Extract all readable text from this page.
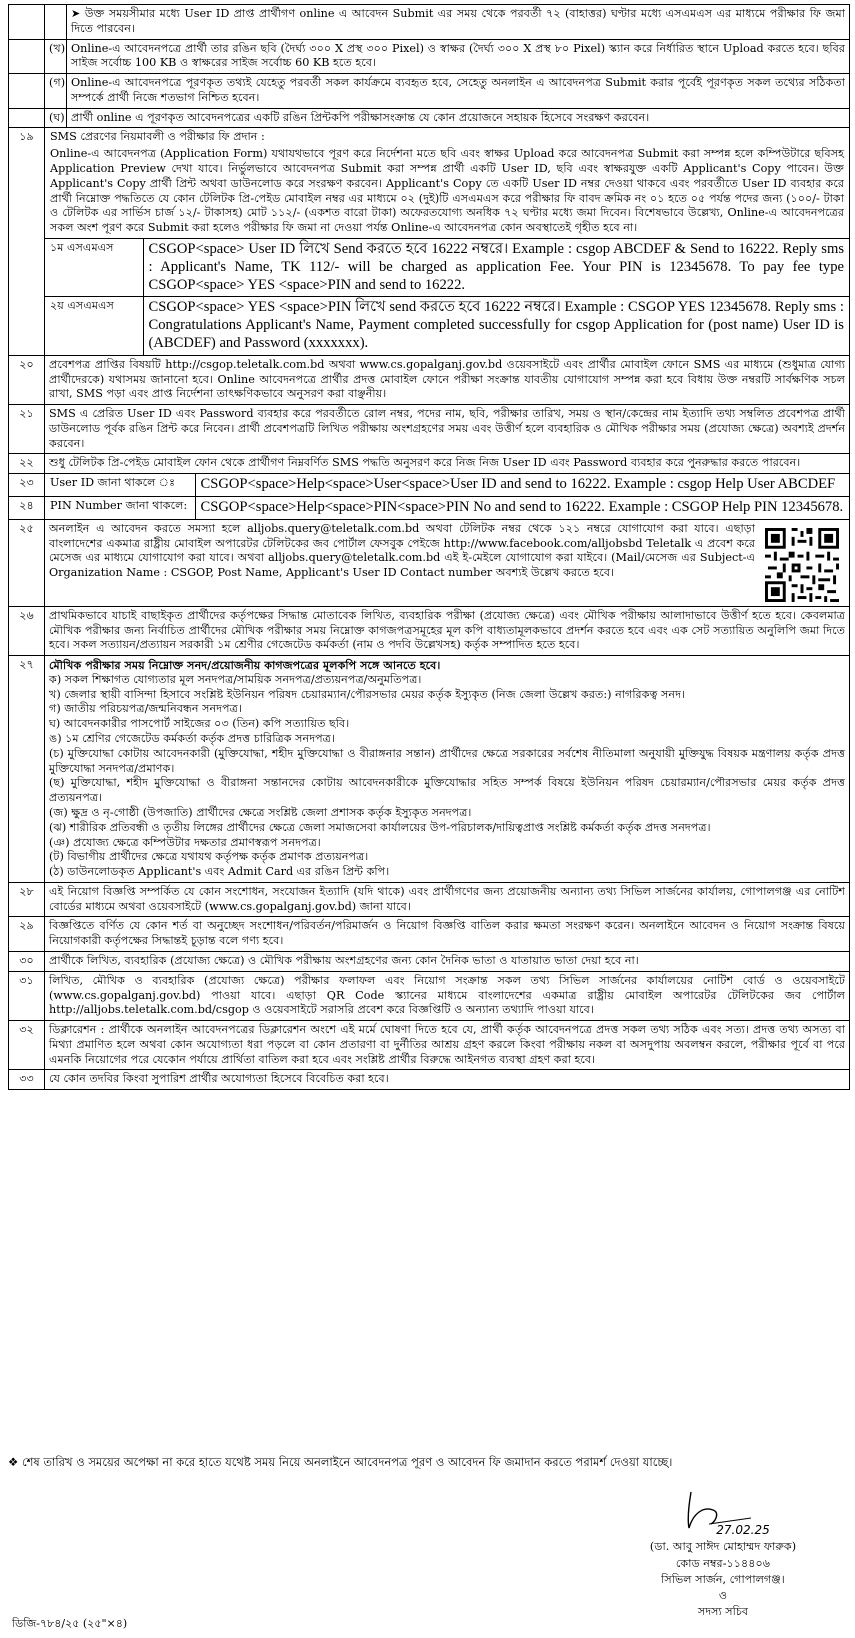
		➤ উক্ত সময়সীমার মধ্যে User ID প্রাপ্ত প্রার্থীগণ online এ আবেদন Submit এর সময় থেকে পরবর্তী ৭২ (বাহাত্তর) ঘণ্টার মধ্যে এসএমএস এর মাধ্যমে পরীক্ষার ফি জমা দিতে পারবেন।
	(খ)	Online-এ আবেদনপত্রে প্রার্থী তার রঙিন ছবি (দৈর্ঘ্য ৩০০ X প্রস্থ ৩০০ Pixel) ও স্বাক্ষর (দৈর্ঘ্য ৩০০ X প্রস্থ ৮০ Pixel) স্ক্যান করে নির্ধারিত স্থানে Upload করতে হবে। ছবির সাইজ সর্বোচ্চ 100 KB ও স্বাক্ষরের সাইজ সর্বোচ্চ 60 KB হতে হবে।
	(গ)	Online-এ আবেদনপত্রে পূরণকৃত তথ্যই যেহেতু পরবর্তী সকল কার্যক্রমে ব্যবহৃত হবে, সেহেতু অনলাইন এ আবেদনপত্র Submit করার পূর্বেই পূরণকৃত সকল তথ্যের সঠিকতা সম্পর্কে প্রার্থী নিজে শতভাগ নিশ্চিত হবেন।
	(ঘ)	প্রার্থী online এ পূরণকৃত আবেদনপত্রের একটি রঙিন প্রিন্টকপি পরীক্ষাসংক্রান্ত যে কোন প্রয়োজনে সহায়ক হিসেবে সংরক্ষণ করবেন।
১৯	SMS প্রেরণের নিয়মাবলী ও পরীক্ষার ফি প্রদান :
Online-এ আবেদনপত্র (Application Form) যথাযথভাবে পূরণ করে নির্দেশনা মতে ছবি এবং স্বাক্ষর Upload করে আবেদনপত্র Submit করা সম্পন্ন হলে কম্পিউটারে ছবিসহ Application Preview দেখা যাবে। নির্ভুলভাবে আবেদনপত্র Submit করা সম্পন্ন প্রার্থী একটি User ID, ছবি এবং স্বাক্ষরযুক্ত একটি Applicant's Copy পাবেন। উক্ত Applicant's Copy প্রার্থী প্রিন্ট অথবা ডাউনলোড করে সংরক্ষণ করবেন। Applicant's Copy তে একটি User ID নম্বর দেওয়া থাকবে এবং পরবর্তীতে User ID ব্যবহার করে প্রার্থী নিম্নোক্ত পদ্ধতিতে যে কোন টেলিটক প্রি-পেইড মোবাইল নম্বর এর মাধ্যমে ০২ (দুই)টি এসএমএস করে পরীক্ষার ফি বাবদ ক্রমিক নং ০১ হতে ০৫ পর্যন্ত পদের জন্য (১০০/- টাকা ও টেলিটক এর সার্ভিস চার্জ ১২/- টাকাসহ) মোট ১১২/- (একশত বারো টাকা) অফেরতযোগ্য অনধিক ৭২ ঘণ্টার মধ্যে জমা দিবেন। বিশেষভাবে উল্লেখ্য, Online-এ আবেদনপত্রের সকল অংশ পূরণ করে Submit করা হলেও পরীক্ষার ফি জমা না দেওয়া পর্যন্ত Online-এ আবেদনপত্র কোন অবস্থাতেই গৃহীত হবে না।
১ম এসএমএস	CSGOP<space> User ID লিখে Send করতে হবে 16222 নম্বরে। Example : csgop ABCDEF & Send to 16222. Reply sms : Applicant's Name, TK 112/- will be charged as application Fee. Your PIN is 12345678. To pay fee type CSGOP<space> YES <space>PIN and send to 16222.
২য় এসএমএস	CSGOP<space> YES <space>PIN লিখে send করতে হবে 16222 নম্বরে। Example : CSGOP YES 12345678. Reply sms : Congratulations Applicant's Name, Payment completed successfully for csgop Application for (post name) User ID is (ABCDEF) and Password (xxxxxxx).

২০	প্রবেশপত্র প্রাপ্তির বিষয়টি http://csgop.teletalk.com.bd অথবা www.cs.gopalganj.gov.bd ওয়েবসাইটে এবং প্রার্থীর মোবাইল ফোনে SMS এর মাধ্যমে (শুধুমাত্র যোগ্য প্রার্থীদেরকে) যথাসময় জানানো হবে। Online আবেদনপত্রে প্রার্থীর প্রদত্ত মোবাইল ফোনে পরীক্ষা সংক্রান্ত যাবতীয় যোগাযোগ সম্পন্ন করা হবে বিধায় উক্ত নম্বরটি সার্বক্ষণিক সচল রাখা, SMS পড়া এবং প্রাপ্ত নির্দেশনা তাৎক্ষণিকভাবে অনুসরণ করা বাঞ্ছনীয়।
২১	SMS এ প্রেরিত User ID এবং Password ব্যবহার করে পরবর্তীতে রোল নম্বর, পদের নাম, ছবি, পরীক্ষার তারিখ, সময় ও স্থান/কেন্দ্রের নাম ইত্যাদি তথ্য সম্বলিত প্রবেশপত্র প্রার্থী ডাউনলোড পূর্বক রঙিন প্রিন্ট করে নিবেন। প্রার্থী প্রবেশপত্রটি লিখিত পরীক্ষায় অংশগ্রহণের সময় এবং উত্তীর্ণ হলে ব্যবহারিক ও মৌখিক পরীক্ষার সময় (প্রযোজ্য ক্ষেত্রে) অবশ্যই প্রদর্শন করবেন।
২২	শুধু টেলিটক প্রি-পেইড মোবাইল ফোন থেকে প্রার্থীগণ নিম্নবর্ণিত SMS পদ্ধতি অনুসরণ করে নিজ নিজ User ID এবং Password ব্যবহার করে পুনরুদ্ধার করতে পারবেন।
২৩	User ID জানা থাকলে ঃ	CSGOP<space>Help<space>User<space>User ID and send to 16222. Example : csgop Help User ABCDEF

২৪	PIN Number জানা থাকলে:	CSGOP<space>Help<space>PIN<space>PIN No and send to 16222. Example : CSGOP Help PIN 12345678.

২৫	অনলাইন এ আবেদন করতে সমস্যা হলে alljobs.query@teletalk.com.bd অথবা টেলিটক নম্বর থেকে ১২১ নম্বরে যোগাযোগ করা যাবে। এছাড়া বাংলাদেশের একমাত্র রাষ্ট্রীয় মোবাইল অপারেটর টেলিটকের জব পোর্টাল ফেসবুক পেইজে http://www.facebook.com/alljobsbd Teletalk এ প্রবেশ করে মেসেজ এর মাধ্যমে যোগাযোগ করা যাবে। অথবা alljobs.query@teletalk.com.bd এই ই-মেইলে যোগাযোগ করা যাইবে। (Mail/মেসেজ এর Subject-এ Organization Name : CSGOP, Post Name, Applicant's User ID Contact number অবশ্যই উল্লেখ করতে হবে।
২৬	প্রাথমিকভাবে যাচাই বাছাইকৃত প্রার্থীদের কর্তৃপক্ষের সিদ্ধান্ত মোতাবেক লিখিত, ব্যবহারিক পরীক্ষা (প্রযোজ্য ক্ষেত্রে) এবং মৌখিক পরীক্ষায় আলাদাভাবে উত্তীর্ণ হতে হবে। কেবলমাত্র মৌখিক পরীক্ষার জন্য নির্বাচিত প্রার্থীদের মৌখিক পরীক্ষার সময় নিম্নোক্ত কাগজপত্রসমূহের মূল কপি বাধ্যতামূলকভাবে প্রদর্শন করতে হবে এবং এক সেট সত্যায়িত অনুলিপি জমা দিতে হবে। সকল সত্যায়ন/প্রত্যায়ন সরকারী ১ম শ্রেণীর গেজেটেড কর্মকর্তা (নাম ও পদবি উল্লেখসহ) কর্তৃক সম্পাদিত হতে হবে।
২৭	মৌখিক পরীক্ষার সময় নিম্নোক্ত সনদ/প্রয়োজনীয় কাগজপত্রের মূলকপি সঙ্গে আনতে হবে।
ক) সকল শিক্ষাগত যোগ্যতার মূল সনদপত্র/সাময়িক সনদপত্র/প্রত্যয়নপত্র/অনুমতিপত্র।
খ) জেলার স্থায়ী বাসিন্দা হিসাবে সংশ্লিষ্ট ইউনিয়ন পরিষদ চেয়ারম্যান/পৌরসভার মেয়র কর্তৃক ইস্যুকৃত (নিজ জেলা উল্লেখ করত:) নাগরিকত্ব সনদ।
গ) জাতীয় পরিচয়পত্র/জন্মনিবন্ধন সনদপত্র।
ঘ) আবেদনকারীর পাসপোর্ট সাইজের ০৩ (তিন) কপি সত্যায়িত ছবি।
ঙ) ১ম শ্রেণির গেজেটেড কর্মকর্তা কর্তৃক প্রদত্ত চারিত্রিক সনদপত্র।
(চ) মুক্তিযোদ্ধা কোটায় আবেদনকারী (মুক্তিযোদ্ধা, শহীদ মুক্তিযোদ্ধা ও বীরাঙ্গনার সন্তান) প্রার্থীদের ক্ষেত্রে সরকারের সর্বশেষ নীতিমালা অনুযায়ী মুক্তিযুদ্ধ বিষয়ক মন্ত্রণালয় কর্তৃক প্রদত্ত মুক্তিযোদ্ধা সনদপত্র/প্রমাণক।
(ছ) মুক্তিযোদ্ধা, শহীদ মুক্তিযোদ্ধা ও বীরাঙ্গনা সন্তানদের কোটায় আবেদনকারীকে মুক্তিযোদ্ধার সহিত সম্পর্ক বিষয়ে ইউনিয়ন পরিষদ চেয়ারম্যান/পৌরসভার মেয়র কর্তৃক প্রদত্ত প্রত্যয়নপত্র।
(জ) ক্ষুদ্র ও নৃ-গোষ্ঠী (উপজাতি) প্রার্থীদের ক্ষেত্রে সংশ্লিষ্ট জেলা প্রশাসক কর্তৃক ইস্যুকৃত সনদপত্র।
(ঝ) শারীরিক প্রতিবন্ধী ও তৃতীয় লিঙ্গের প্রার্থীদের ক্ষেত্রে জেলা সমাজসেবা কার্যালয়ের উপ-পরিচালক/দায়িত্বপ্রাপ্ত সংশ্লিষ্ট কর্মকর্তা কর্তৃক প্রদত্ত সনদপত্র।
(ঞ) প্রযোজ্য ক্ষেত্রে কম্পিউটার দক্ষতার প্রমাণস্বরূপ সনদপত্র।
(ট) বিভাগীয় প্রার্থীদের ক্ষেত্রে যথাযথ কর্তৃপক্ষ কর্তৃক প্রমাণক প্রত্যয়নপত্র।
(ঠ) ডাউনলোডকৃত Applicant's এবং Admit Card এর রঙিন প্রিন্ট কপি।

২৮	এই নিয়োগ বিজ্ঞপ্তি সম্পর্কিত যে কোন সংশোধন, সংযোজন ইত্যাদি (যদি থাকে) এবং প্রার্থীগণের জন্য প্রয়োজনীয় অন্যান্য তথ্য সিভিল সার্জনের কার্যালয়, গোপালগঞ্জ এর নোটিশ বোর্ডের মাধ্যমে অথবা ওয়েবসাইটে (www.cs.gopalganj.gov.bd) জানা যাবে।
২৯	বিজ্ঞপ্তিতে বর্ণিত যে কোন শর্ত বা অনুচ্ছেদ সংশোধন/পরিবর্তন/পরিমার্জন ও নিয়োগ বিজ্ঞপ্তি বাতিল করার ক্ষমতা সংরক্ষণ করেন। অনলাইনে আবেদন ও নিয়োগ সংক্রান্ত বিষয়ে নিয়োগকারী কর্তৃপক্ষের সিদ্ধান্তই চূড়ান্ত বলে গণ্য হবে।
৩০	প্রার্থীকে লিখিত, ব্যবহারিক (প্রযোজ্য ক্ষেত্রে) ও মৌখিক পরীক্ষায় অংশগ্রহণের জন্য কোন দৈনিক ভাতা ও যাতায়াত ভাতা দেয়া হবে না।
৩১	লিখিত, মৌখিক ও ব্যবহারিক (প্রযোজ্য ক্ষেত্রে) পরীক্ষার ফলাফল এবং নিয়োগ সংক্রান্ত সকল তথ্য সিভিল সার্জনের কার্যালয়ের নোটিশ বোর্ড ও ওয়েবসাইটে (www.cs.gopalganj.gov.bd) পাওয়া যাবে। এছাড়া QR Code স্ক্যানের মাধ্যমে বাংলাদেশের একমাত্র রাষ্ট্রীয় মোবাইল অপারেটর টেলিটকের জব পোর্টাল http://alljobs.teletalk.com.bd/csgop ও ওয়েবসাইটে সরাসরি প্রবেশ করে বিজ্ঞপ্তিটি ও অন্যান্য তথ্যাদি পাওয়া যাবে।
৩২	ডিক্লারেশন : প্রার্থীকে অনলাইন আবেদনপত্রের ডিক্লারেশন অংশে এই মর্মে ঘোষণা দিতে হবে যে, প্রার্থী কর্তৃক আবেদনপত্রে প্রদত্ত সকল তথ্য সঠিক এবং সত্য। প্রদত্ত তথ্য অসত্য বা মিথ্যা প্রমাণিত হলে অথবা কোন অযোগ্যতা ধরা পড়লে বা কোন প্রতারণা বা দুর্নীতির আশ্রয় গ্রহণ করলে কিংবা পরীক্ষায় নকল বা অসদুপায় অবলম্বন করলে, পরীক্ষার পূর্বে বা পরে এমনকি নিয়োগের পরে যেকোন পর্যায়ে প্রার্থিতা বাতিল করা হবে এবং সংশ্লিষ্ট প্রার্থীর বিরুদ্ধে আইনগত ব্যবস্থা গ্রহণ করা হবে।
৩৩	যে কোন তদবির কিংবা সুপারিশ প্রার্থীর অযোগ্যতা হিসেবে বিবেচিত করা হবে।
❖ শেষ তারিখ ও সময়ের অপেক্ষা না করে হাতে যথেষ্ট সময় নিয়ে অনলাইনে আবেদনপত্র পূরণ ও আবেদন ফি জমাদান করতে পরামর্শ দেওয়া যাচ্ছে।
27.02.25
(ডা. আবু সাঈদ মোহাম্মদ ফারুক)
কোড নম্বর-১১৪৪০৬
সিভিল সার্জন, গোপালগঞ্জ।
ও
সদস্য সচিব
ডিজি-৭৮৪/২৫ (২৫"×৪)
